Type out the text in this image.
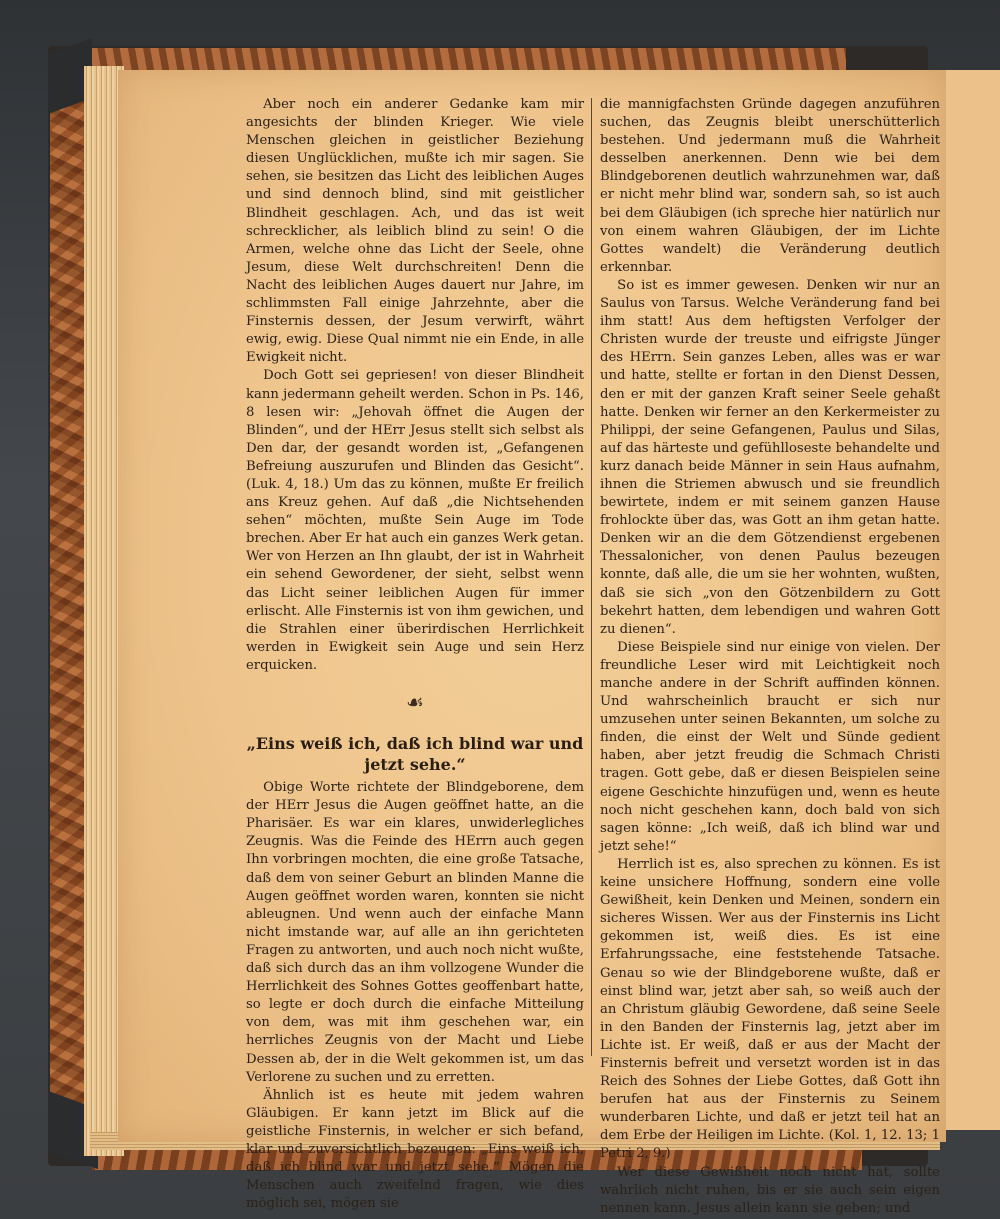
Aber noch ein anderer Gedanke kam mir angesichts der blinden Krieger. Wie viele Menschen gleichen in geistlicher Beziehung diesen Unglücklichen, mußte ich mir sagen. Sie sehen, sie besitzen das Licht des leiblichen Auges und sind dennoch blind, sind mit geistlicher Blindheit geschlagen. Ach, und das ist weit schrecklicher, als leiblich blind zu sein! O die Armen, welche ohne das Licht der Seele, ohne Jesum, diese Welt durchschreiten! Denn die Nacht des leiblichen Auges dauert nur Jahre, im schlimmsten Fall einige Jahrzehnte, aber die Finsternis dessen, der Jesum verwirft, währt ewig, ewig. Diese Qual nimmt nie ein Ende, in alle Ewigkeit nicht.

Doch Gott sei gepriesen! von dieser Blindheit kann jedermann geheilt werden. Schon in Ps. 146, 8 lesen wir: „Jehovah öffnet die Augen der Blinden“, und der HErr Jesus stellt sich selbst als Den dar, der gesandt worden ist, „Gefangenen Befreiung auszurufen und Blinden das Gesicht“. (Luk. 4, 18.) Um das zu können, mußte Er freilich ans Kreuz gehen. Auf daß „die Nichtsehenden sehen“ möchten, mußte Sein Auge im Tode brechen. Aber Er hat auch ein ganzes Werk getan. Wer von Herzen an Ihn glaubt, der ist in Wahrheit ein sehend Gewordener, der sieht, selbst wenn das Licht seiner leiblichen Augen für immer erlischt. Alle Finsternis ist von ihm gewichen, und die Strahlen einer überirdischen Herrlichkeit werden in Ewigkeit sein Auge und sein Herz erquicken.

☙
„Eins weiß ich, daß ich blind war und jetzt sehe.“

Obige Worte richtete der Blindgeborene, dem der HErr Jesus die Augen geöffnet hatte, an die Pharisäer. Es war ein klares, unwiderlegliches Zeugnis. Was die Feinde des HErrn auch gegen Ihn vorbringen mochten, die eine große Tatsache, daß dem von seiner Geburt an blinden Manne die Augen geöffnet worden waren, konnten sie nicht ableugnen. Und wenn auch der einfache Mann nicht imstande war, auf alle an ihn gerichteten Fragen zu antworten, und auch noch nicht wußte, daß sich durch das an ihm vollzogene Wunder die Herrlichkeit des Sohnes Gottes geoffenbart hatte, so legte er doch durch die einfache Mitteilung von dem, was mit ihm geschehen war, ein herrliches Zeugnis von der Macht und Liebe Dessen ab, der in die Welt gekommen ist, um das Verlorene zu suchen und zu erretten.

Ähnlich ist es heute mit jedem wahren Gläubigen. Er kann jetzt im Blick auf die geistliche Finsternis, in welcher er sich befand, klar und zuversichtlich bezeugen: „Eins weiß ich, daß ich blind war und jetzt sehe.“ Mögen die Menschen auch zweifelnd fragen, wie dies möglich sei, mögen sie

die mannigfachsten Gründe dagegen anzuführen suchen, das Zeugnis bleibt unerschütterlich bestehen. Und jedermann muß die Wahrheit desselben anerkennen. Denn wie bei dem Blindgeborenen deutlich wahrzunehmen war, daß er nicht mehr blind war, sondern sah, so ist auch bei dem Gläubigen (ich spreche hier natürlich nur von einem wahren Gläubigen, der im Lichte Gottes wandelt) die Veränderung deutlich erkennbar.

So ist es immer gewesen. Denken wir nur an Saulus von Tarsus. Welche Veränderung fand bei ihm statt! Aus dem heftigsten Verfolger der Christen wurde der treuste und eifrigste Jünger des HErrn. Sein ganzes Leben, alles was er war und hatte, stellte er fortan in den Dienst Dessen, den er mit der ganzen Kraft seiner Seele gehaßt hatte. Denken wir ferner an den Kerkermeister zu Philippi, der seine Gefangenen, Paulus und Silas, auf das härteste und gefühlloseste behandelte und kurz danach beide Männer in sein Haus aufnahm, ihnen die Striemen abwusch und sie freundlich bewirtete, indem er mit seinem ganzen Hause frohlockte über das, was Gott an ihm getan hatte. Denken wir an die dem Götzendienst ergebenen Thessalonicher, von denen Paulus bezeugen konnte, daß alle, die um sie her wohnten, wußten, daß sie sich „von den Götzenbildern zu Gott bekehrt hatten, dem lebendigen und wahren Gott zu dienen“.

Diese Beispiele sind nur einige von vielen. Der freundliche Leser wird mit Leichtigkeit noch manche andere in der Schrift auffinden können. Und wahrscheinlich braucht er sich nur umzusehen unter seinen Bekannten, um solche zu finden, die einst der Welt und Sünde gedient haben, aber jetzt freudig die Schmach Christi tragen. Gott gebe, daß er diesen Beispielen seine eigene Geschichte hinzufügen und, wenn es heute noch nicht geschehen kann, doch bald von sich sagen könne: „Ich weiß, daß ich blind war und jetzt sehe!“

Herrlich ist es, also sprechen zu können. Es ist keine unsichere Hoffnung, sondern eine volle Gewißheit, kein Denken und Meinen, sondern ein sicheres Wissen. Wer aus der Finsternis ins Licht gekommen ist, weiß dies. Es ist eine Erfahrungssache, eine feststehende Tatsache. Genau so wie der Blindgeborene wußte, daß er einst blind war, jetzt aber sah, so weiß auch der an Christum gläubig Gewordene, daß seine Seele in den Banden der Finsternis lag, jetzt aber im Lichte ist. Er weiß, daß er aus der Macht der Finsternis befreit und versetzt worden ist in das Reich des Sohnes der Liebe Gottes, daß Gott ihn berufen hat aus der Finsternis zu Seinem wunderbaren Lichte, und daß er jetzt teil hat an dem Erbe der Heiligen im Lichte. (Kol. 1, 12. 13; 1 Petri 2, 9.)

Wer diese Gewißheit noch nicht hat, sollte wahrlich nicht ruhen, bis er sie auch sein eigen nennen kann. Jesus allein kann sie geben; und
